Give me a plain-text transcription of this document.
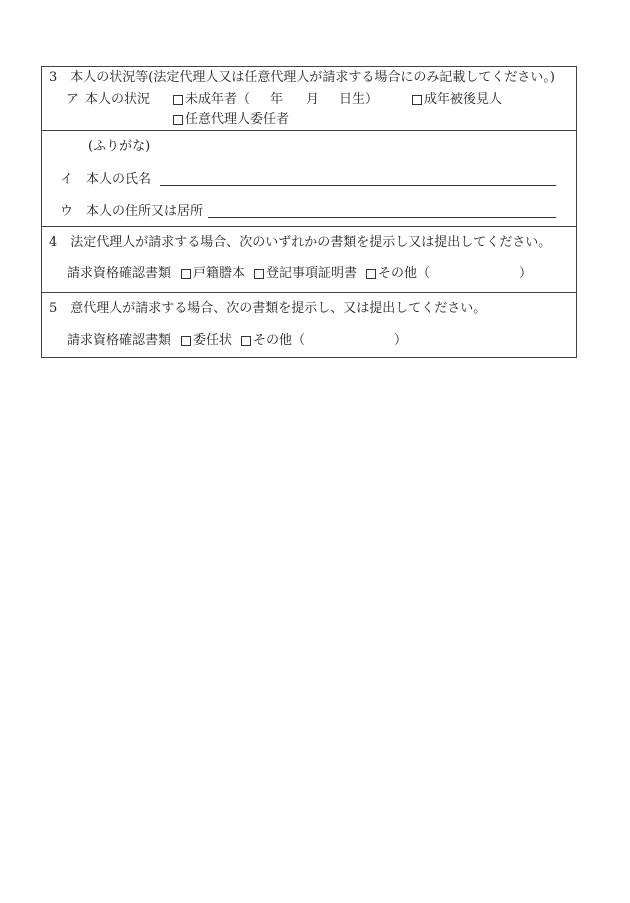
3　本人の状況等(法定代理人又は任意代理人が請求する場合にのみ記載してください。)
ア 本人の状況	未成年者（ 年 月 日生）	成年被後見人
任意代理人委任者
(ふりがな)
イ 本人の氏名
ウ 本人の住所又は居所
4　法定代理人が請求する場合、次のいずれかの書類を提示し又は提出してください。
請求資格確認書類 戸籍謄本 登記事項証明書 その他（	）
5　意代理人が請求する場合、次の書類を提示し、又は提出してください。
請求資格確認書類 委任状 その他（	）
